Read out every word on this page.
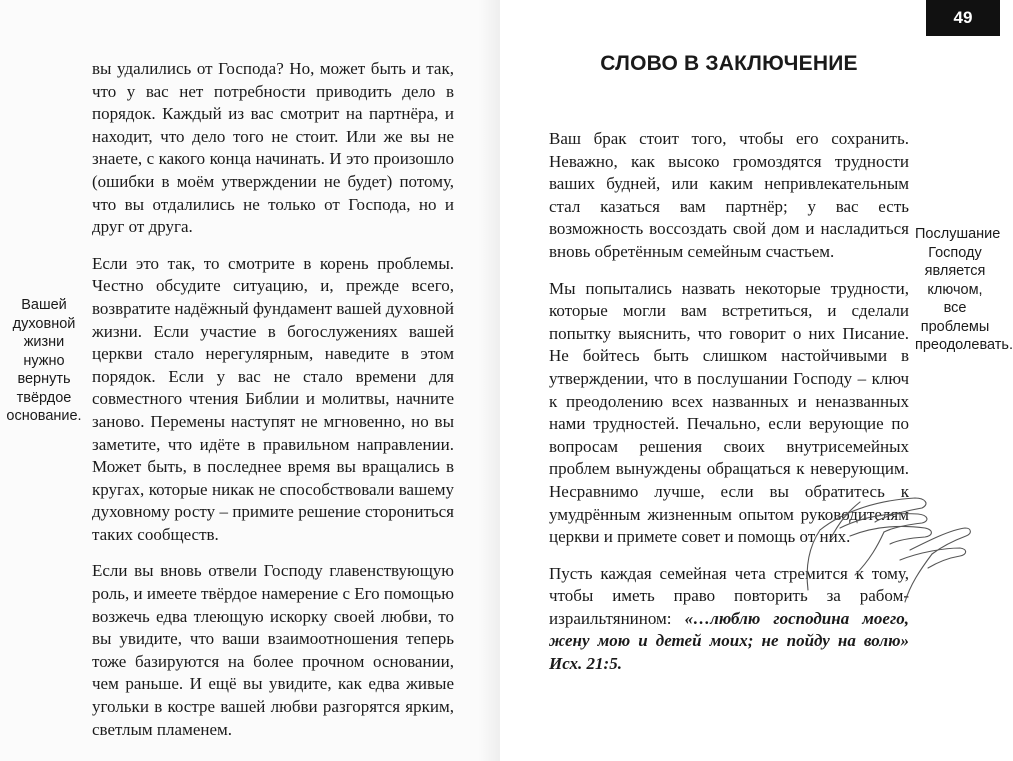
вы удалились от Господа? Но, может быть и так, что у вас нет потребности приводить дело в порядок. Каждый из вас смотрит на партнёра, и находит, что дело того не стоит. Или же вы не знаете, с какого конца начинать. И это произошло (ошибки в моём утверждении не будет) потому, что вы отдалились не только от Господа, но и друг от друга.

Если это так, то смотрите в корень проблемы. Честно обсудите ситуацию, и, прежде всего, возвратите надёжный фундамент вашей духовной жизни. Если участие в богослужениях вашей церкви стало нерегулярным, наведите в этом порядок. Если у вас не стало времени для совместного чтения Библии и молитвы, начните заново. Перемены наступят не мгновенно, но вы заметите, что идёте в правильном направлении. Может быть, в последнее время вы вращались в кругах, которые никак не способствовали вашему духовному росту – примите решение сторониться таких сообществ.

Если вы вновь отвели Господу главенствующую роль, и имеете твёрдое намерение с Его помощью возжечь едва тлеющую искорку своей любви, то вы увидите, что ваши взаимоотношения теперь тоже базируются на более прочном основании, чем раньше. И ещё вы увидите, как едва живые угольки в костре вашей любви разгорятся ярким, светлым пламенем.

Вашей духовной жизни нужно вернуть твёрдое основание.

49
СЛОВО В ЗАКЛЮЧЕНИЕ

Ваш брак стоит того, чтобы его сохранить. Неважно, как высоко громоздятся трудности ваших будней, или каким непривлекательным стал казаться вам партнёр; у вас есть возможность воссоздать свой дом и насладиться вновь обретённым семейным счастьем.

Мы попытались назвать некоторые трудности, которые могли вам встретиться, и сделали попытку выяснить, что говорит о них Писание. Не бойтесь быть слишком настойчивыми в утверждении, что в послушании Господу – ключ к преодолению всех названных и неназванных нами трудностей. Печально, если верующие по вопросам решения своих внутрисемейных проблем вынуждены обращаться к неверующим. Несравнимо лучше, если вы обратитесь к умудрённым жизненным опытом руководителям церкви и примете совет и помощь от них.

Пусть каждая семейная чета стремится к тому, чтобы иметь право повторить за рабом-израильтянином: «…люблю господина моего, жену мою и детей моих; не пойду на волю» Исх. 21:5.

Послушание Господу является ключом, все проблемы преодолевать.
